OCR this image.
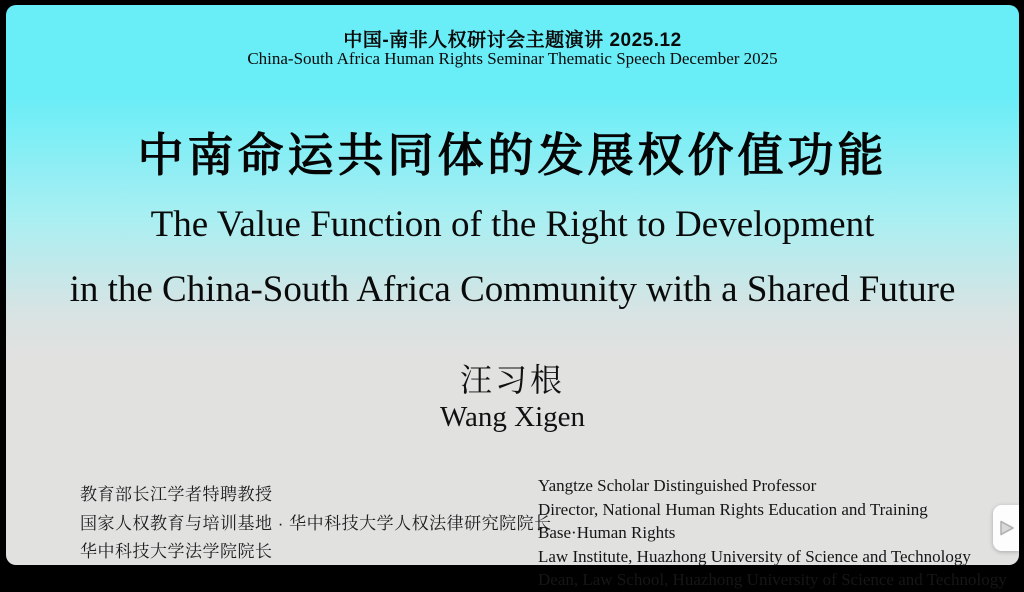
中国-南非人权研讨会主题演讲 2025.12
China-South Africa Human Rights Seminar Thematic Speech December 2025
中南命运共同体的发展权价值功能
The Value Function of the Right to Development
in the China-South Africa Community with a Shared Future
汪习根
Wang Xigen
教育部长江学者特聘教授
国家人权教育与培训基地 · 华中科技大学人权法律研究院院长
华中科技大学法学院院长
Yangtze Scholar Distinguished Professor
Director, National Human Rights Education and Training Base·Human Rights
Law Institute, Huazhong University of Science and Technology
Dean, Law School, Huazhong University of Science and Technology
